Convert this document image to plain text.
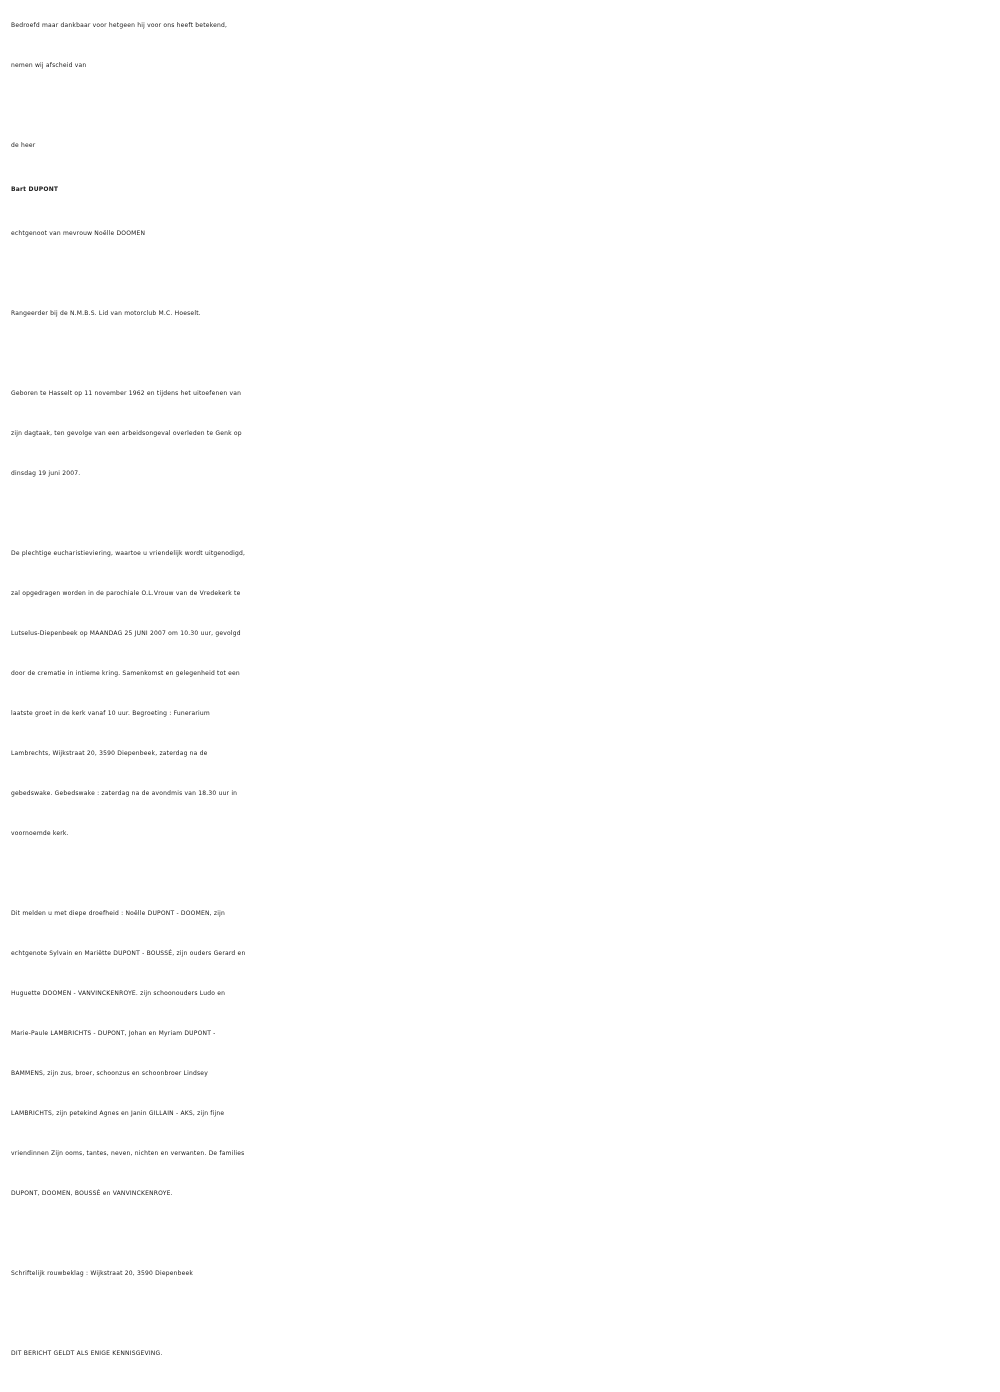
Bedroefd maar dankbaar voor hetgeen hij voor ons heeft betekend,
nemen wij afscheid van
de heer
Bart DUPONT
echtgenoot van mevrouw Noëlle DOOMEN
Rangeerder bij de N.M.B.S. Lid van motorclub M.C. Hoeselt.
Geboren te Hasselt op 11 november 1962 en tijdens het uitoefenen van
zijn dagtaak, ten gevolge van een arbeidsongeval overleden te Genk op
dinsdag 19 juni 2007.
De plechtige eucharistieviering, waartoe u vriendelijk wordt uitgenodigd,
zal opgedragen worden in de parochiale O.L.Vrouw van de Vredekerk te
Lutselus-Diepenbeek op MAANDAG 25 JUNI 2007 om 10.30 uur, gevolgd
door de crematie in intieme kring. Samenkomst en gelegenheid tot een
laatste groet in de kerk vanaf 10 uur. Begroeting : Funerarium
Lambrechts, Wijkstraat 20, 3590 Diepenbeek, zaterdag na de
gebedswake. Gebedswake : zaterdag na de avondmis van 18.30 uur in
voornoemde kerk.
Dit melden u met diepe droefheid : Noëlle DUPONT - DOOMEN, zijn
echtgenote Sylvain en Mariëtte DUPONT - BOUSSÉ, zijn ouders Gerard en
Huguette DOOMEN - VANVINCKENROYE. zijn schoonouders Ludo en
Marie-Paule LAMBRICHTS - DUPONT, Johan en Myriam DUPONT -
BAMMENS, zijn zus, broer, schoonzus en schoonbroer Lindsey
LAMBRICHTS, zijn petekind Agnes en Janin GILLAIN - AKS, zijn fijne
vriendinnen Zijn ooms, tantes, neven, nichten en verwanten. De families
DUPONT, DOOMEN, BOUSSÉ en VANVINCKENROYE.
Schriftelijk rouwbeklag : Wijkstraat 20, 3590 Diepenbeek
DIT BERICHT GELDT ALS ENIGE KENNISGEVING.
